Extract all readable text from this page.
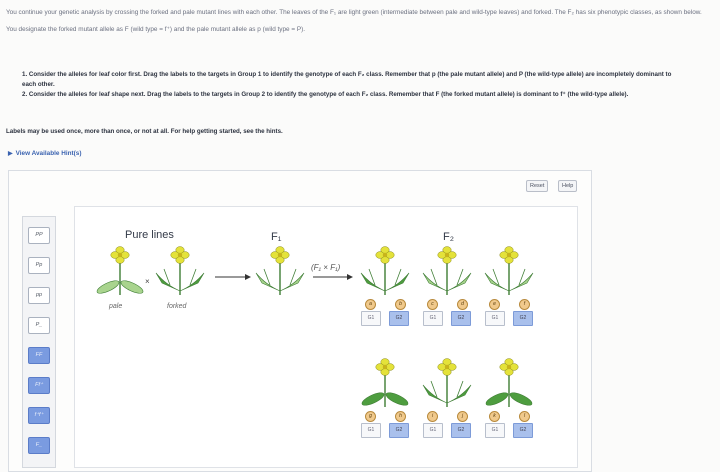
You continue your genetic analysis by crossing the forked and pale mutant lines with each other. The leaves of the F₁ are light green (intermediate between pale and wild-type leaves) and forked. The F₂ has six phenotypic classes, as shown below.

You designate the forked mutant allele as F (wild type = f⁺) and the pale mutant allele as p (wild type = P).

1. Consider the alleles for leaf color first. Drag the labels to the targets in Group 1 to identify the genotype of each F₂ class. Remember that p (the pale mutant allele) and P (the wild-type allele) are incompletely dominant to each other.
2. Consider the alleles for leaf shape next. Drag the labels to the targets in Group 2 to identify the genotype of each F₂ class. Remember that F (the forked mutant allele) is dominant to f⁺ (the wild-type allele).
Labels may be used once, more than once, or not at all. For help getting started, see the hints.
▶ View Available Hint(s)
Reset	Help
PP
Pp
pp
P_
FF
Ff⁺
f⁺f⁺
F_
Pure lines	F₁	F₂
×
(F₁ × F₁)
pale	forked	a	b
G1	G2
c	d
G1	G2
e	f
G1	G2
g	h
G1	G2
i	j
G1	G2
k	l
G1	G2
